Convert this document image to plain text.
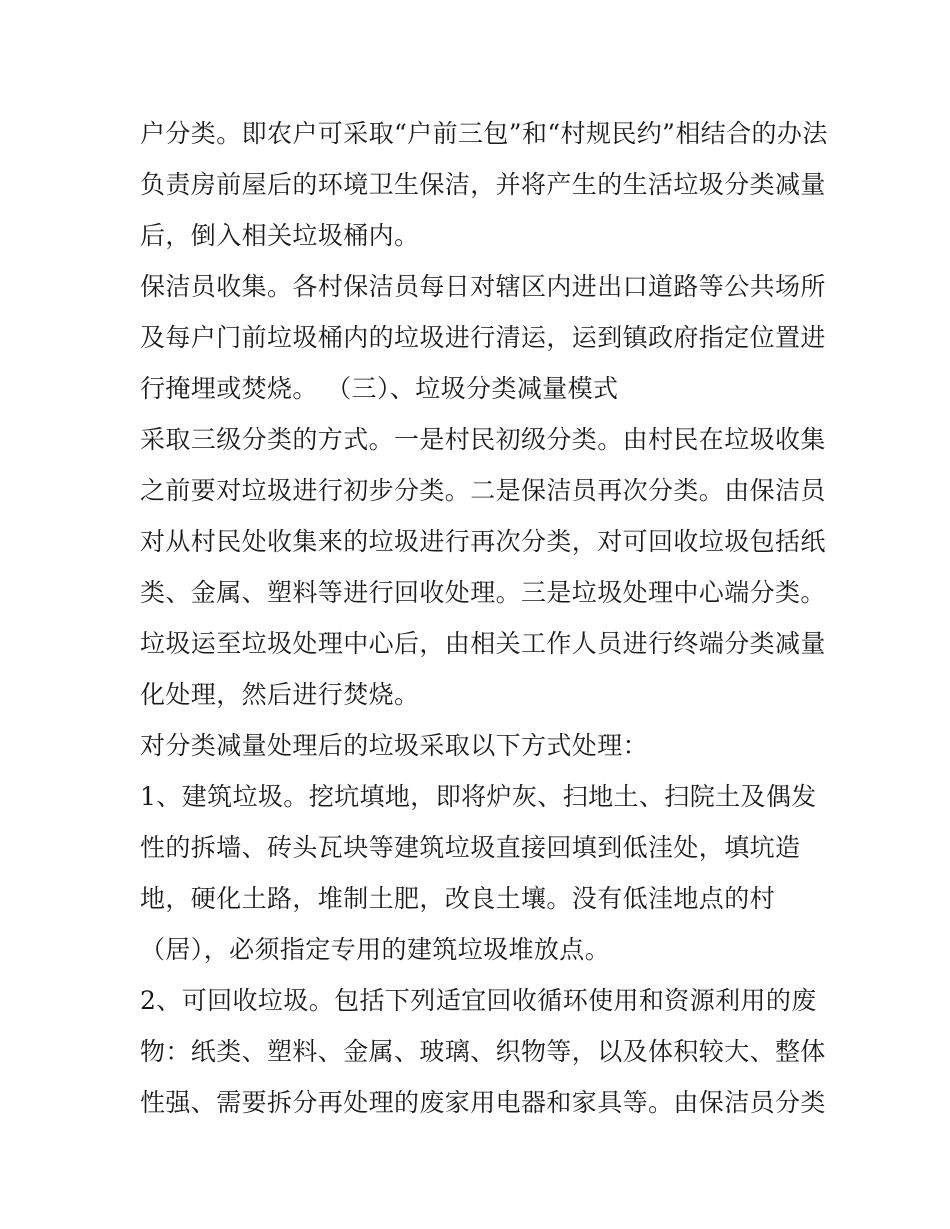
户分类。即农户可采取“户前三包”和“村规民约”相结合的办法
负责房前屋后的环境卫生保洁，并将产生的生活垃圾分类减量
后，倒入相关垃圾桶内。
保洁员收集。各村保洁员每日对辖区内进出口道路等公共场所
及每户门前垃圾桶内的垃圾进行清运，运到镇政府指定位置进
行掩埋或焚烧。 （三）、垃圾分类减量模式
采取三级分类的方式。一是村民初级分类。由村民在垃圾收集
之前要对垃圾进行初步分类。二是保洁员再次分类。由保洁员
对从村民处收集来的垃圾进行再次分类，对可回收垃圾包括纸
类、金属、塑料等进行回收处理。三是垃圾处理中心端分类。
垃圾运至垃圾处理中心后，由相关工作人员进行终端分类减量
化处理，然后进行焚烧。
对分类减量处理后的垃圾采取以下方式处理：
1、建筑垃圾。挖坑填地，即将炉灰、扫地土、扫院土及偶发
性的拆墙、砖头瓦块等建筑垃圾直接回填到低洼处，填坑造
地，硬化土路，堆制土肥，改良土壤。没有低洼地点的村
（居），必须指定专用的建筑垃圾堆放点。
2、可回收垃圾。包括下列适宜回收循环使用和资源利用的废
物：纸类、塑料、金属、玻璃、织物等，以及体积较大、整体
性强、需要拆分再处理的废家用电器和家具等。由保洁员分类
